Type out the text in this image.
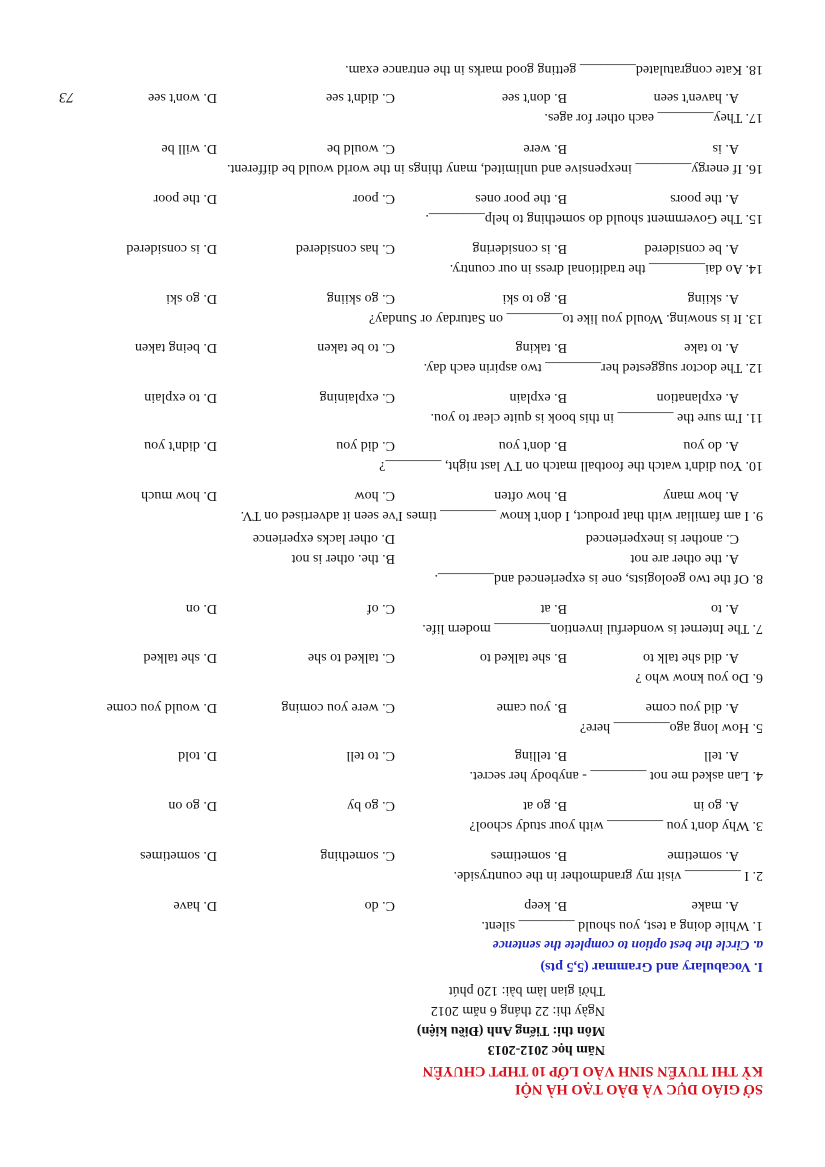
SỞ GIÁO DỤC VÀ ĐÀO TẠO HÀ NỘI
KỲ THI TUYỂN SINH VÀO LỚP 10 THPT CHUYÊN
Năm học 2012-2013
Môn thi: Tiếng Anh (Điều kiện)
Ngày thi: 22 tháng 6 năm 2012
Thời gian làm bài: 120 phút
I. Vocabulary and Grammar (5,5 pts)
a. Circle the best option to complete the sentence
1. While doing a test, you should ________ silent.
A. make
B. keep
C. do
D. have
2. I ________ visit my grandmother in the countryside.
A. sometime
B. sometimes
C. something
D. sometimes
3. Why don't you ________ with your study school?
A. go in
B. go at
C. go by
D. go on
4. Lan asked me not ________ - anybody her secret.
A. tell
B. telling
C. to tell
D. told
5. How long ago________ here?
A. did you come
B. you came
C. were you coming
D. would you come
6. Do you know who ?
A. did she talk to
B. she talked to
C. talked to she
D. she talked
7. The Internet is wonderful invention________ modern life.
A. to
B. at
C. of
D. on
8. Of the two geologists, one is experienced and________.
A. the other are not
B. the. other is not
C. another is inexperienced
D. other lacks experience
9. I am familiar with that product, I don't know ________ times I've seen it advertised on TV.
A. how many
B. how often
C. how
D. how much
10. You didn't watch the football match on TV last night, ________?
A. do you
B. don't you
C. did you
D. didn't you
11. I'm sure the ________ in this book is quite clear to you.
A. explanation
B. explain
C. explaining
D. to explain
12. The doctor suggested her________ two aspirin each day.
A. to take
B. taking
C. to be taken
D. being taken
13. It is snowing. Would you like to________ on Saturday or Sunday?
A. skiing
B. go to ski
C. go skiing
D. go ski
14. Ao dai________ the traditional dress in our country.
A. be considered
B. is considering
C. has considered
D. is considered
15. The Government should do something to help________.
A. the poors
B. the poor ones
C. poor
D. the poor
16. If energy________ inexpensive and unlimited, many things in the world would be different.
A. is
B. were
C. would be
D. will be
17. They________ each other for ages.
A. haven't seen
B. don't see
C. didn't see
D. won't see
18. Kate congratulated________ getting good marks in the entrance exam.
73
